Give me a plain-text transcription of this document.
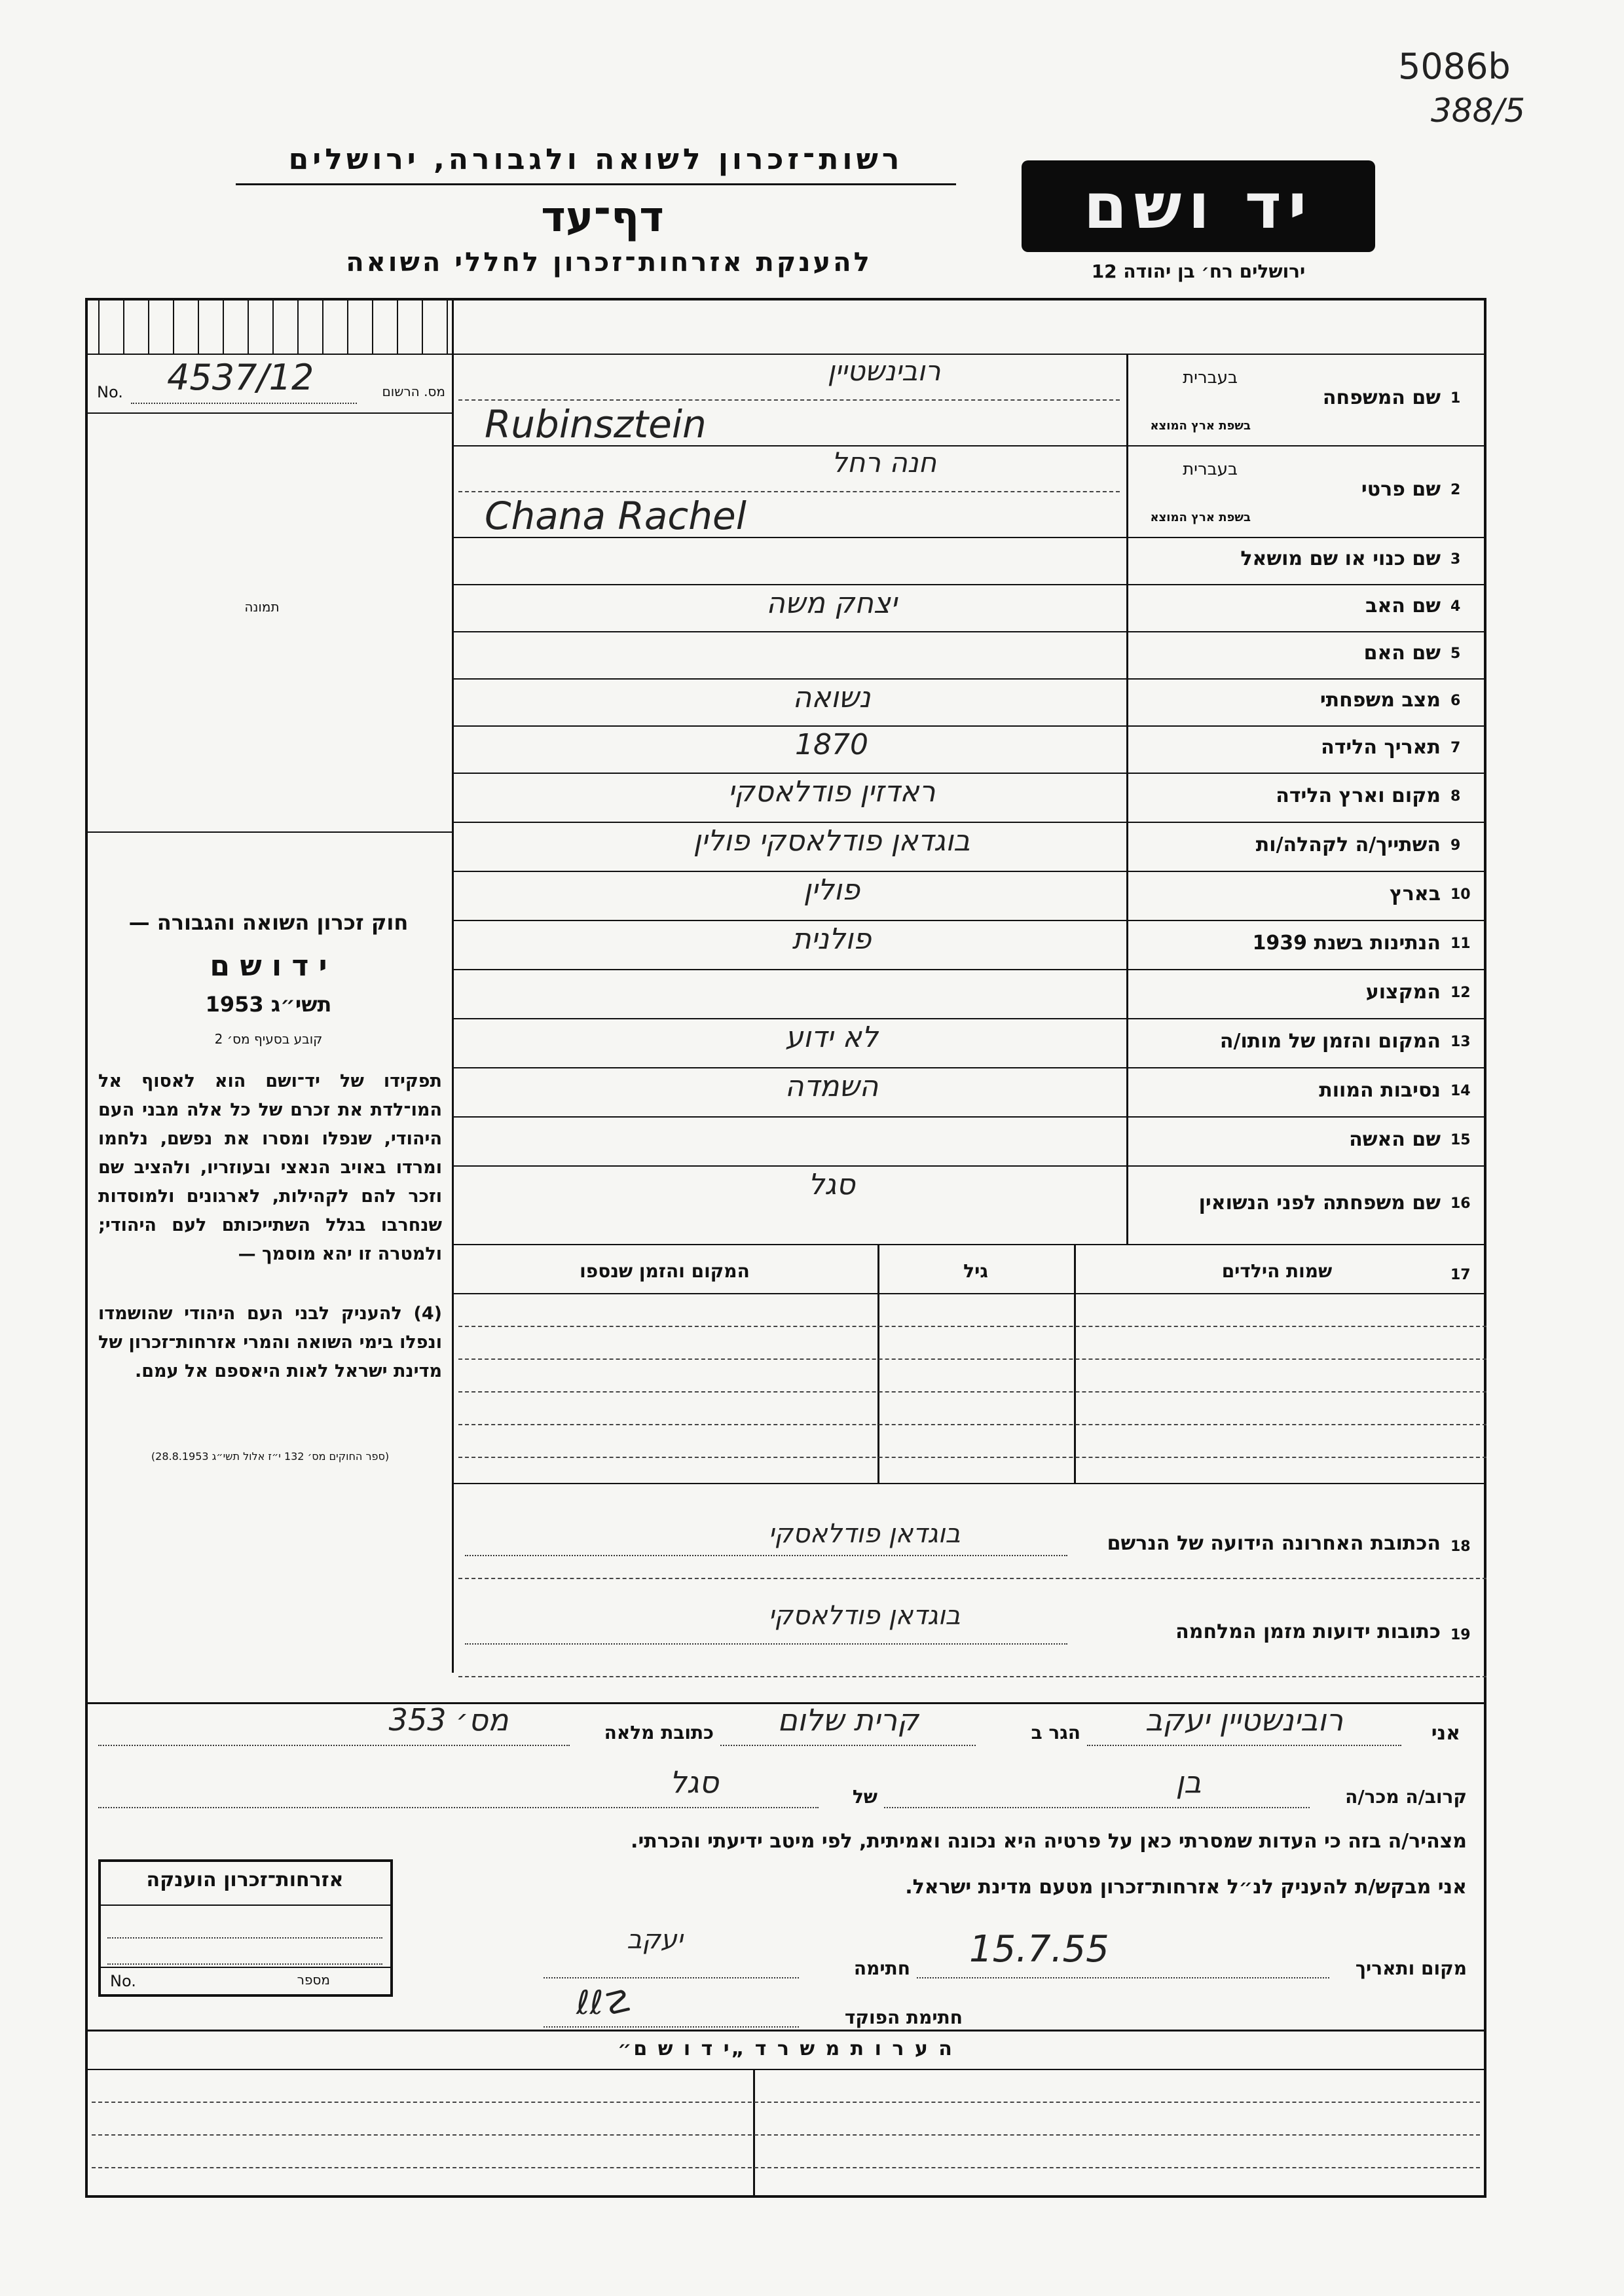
5086b
388/5
רשות־זכרון לשואה ולגבורה, ירושלים
דף־עד
להענקת אזרחות־זכרון לחללי השואה
יד ושם
ירושלים רח׳ בן יהודה 12
No. 4537/12	מס. הרשום
תמונה
חוק זכרון השואה והגבורה —
י ד ו ש ם
תשי״ג 1953
קובע בסעיף מס׳ 2
תפקידו של יד־ושם הוא לאסוף אל המו־לדת את זכרם של כל אלה מבני העם היהודי, שנפלו ומסרו את נפשם, נלחמו ומרדו באויב הנאצי ובעוזריו, ולהציב שם וזכר להם לקהילות, לארגונים ולמוסדות שנחרבו בגלל השתייכותם לעם היהודי; ולמטרה זו יהא מוסמך —
(4) להעניק לבני העם היהודי שהושמדו ונפלו בימי השואה והמרי אזרחות־זכרון של מדינת ישראל לאות היאספם אל עמם.
(ספר החוקים מס׳ 132 י״ז אלול תשי״ג 28.8.1953)
1
שם המשפחה
בעברית
בשפת ארץ המוצא
רובינשטיין
Rubinsztein
2
שם פרטי
בעברית
בשפת ארץ המוצא
חנה רחל
Chana Rachel
3
שם כנוי או שם מושאל
4
שם האב
יצחק משה
5
שם האם
6
מצב משפחתי
נשואה
7
תאריך הלידה
1870
8
מקום וארץ הלידה
ראדזין פודלאסקי
9
השתייך/ה לקהלה/ות
בוגדאן פודלאסקי פולין
10
בארץ
פולין
11
הנתינות בשנת 1939
פולנית
12
המקצוע
13
המקום והזמן של מותו/ה
לא ידוע
14
נסיבות המוות
השמדה
15
שם האשה
16
שם משפחתה לפני הנשואין
סגל
17
שמות הילדים
גיל
המקום והזמן שנספו
18
הכתובת האחרונה הידועה של הנרשם
בוגדאן פודלאסקי
19
כתובות ידועות מזמן המלחמה
בוגדאן פודלאסקי
אני
רובינשטיין יעקב
הגר ב
קרית שלום
כתובת מלאה
מס׳ 353
קרוב/ה מכר/ה
בן
של
סגל
מצהיר/ה בזה כי העדות שמסרתי כאן על פרטיה היא נכונה ואמיתית, לפי מיטב ידיעתי והכרתי.
אני מבקש/ת להעניק לנ״ל אזרחות־זכרון מטעם מדינת ישראל.
מקום ותאריך
15.7.55
חתימה
יעקב
חתימת הפוקד
ℓℓ☡
אזרחות־זכרון הוענקה
No.	מספר
ה ע ר ו ת מ ש ר ד „י ד ו ש ם״
